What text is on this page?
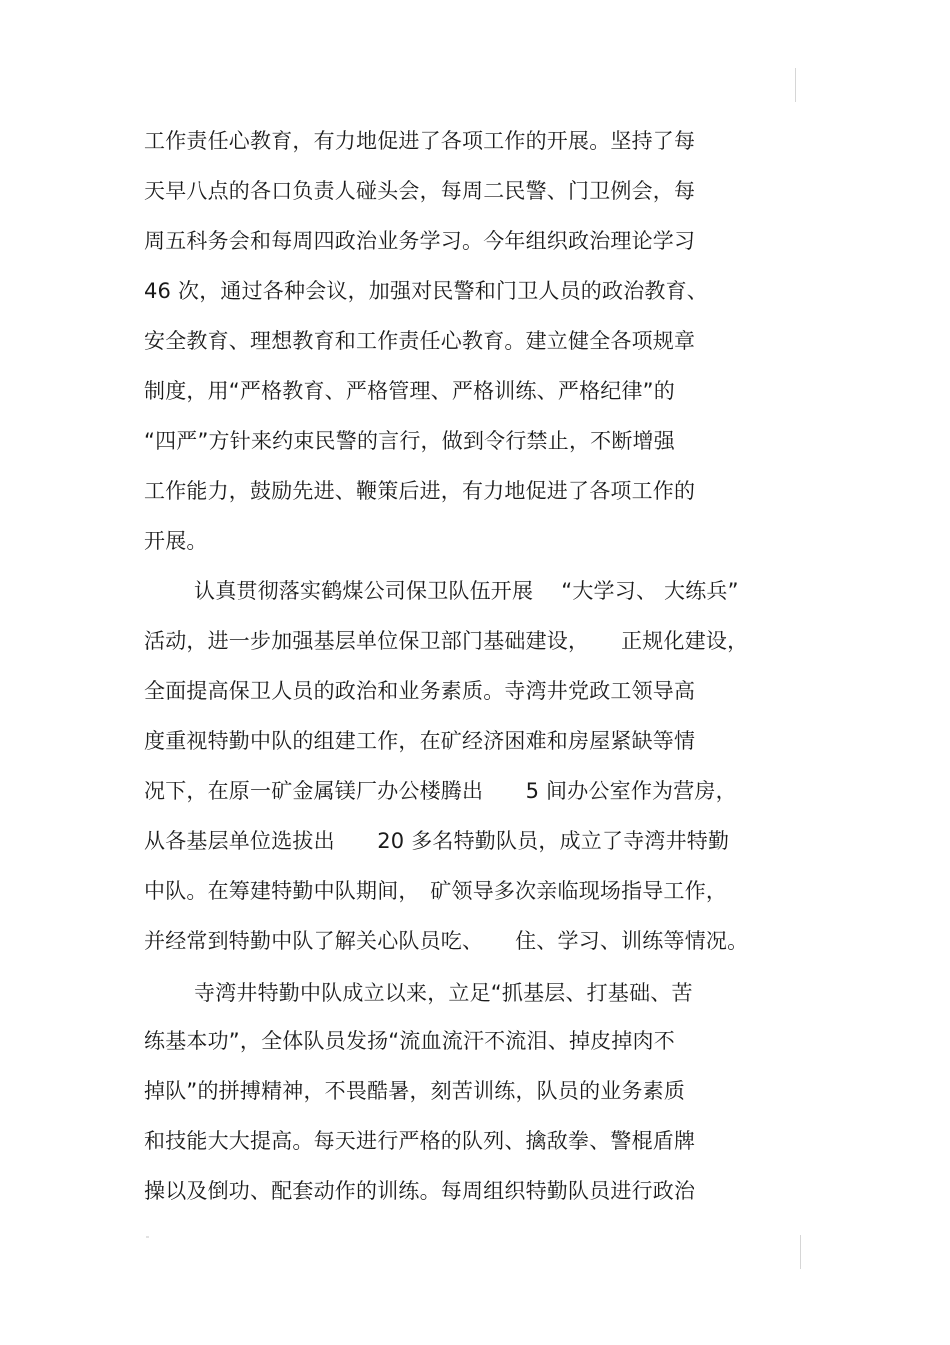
工作责任心教育，有力地促进了各项工作的开展。坚持了每
天早八点的各口负责人碰头会，每周二民警、门卫例会，每
周五科务会和每周四政治业务学习。今年组织政治理论学习
46 次，通过各种会议，加强对民警和门卫人员的政治教育、
安全教育、理想教育和工作责任心教育。建立健全各项规章
制度，用“严格教育、严格管理、严格训练、严格纪律”的
“四严”方针来约束民警的言行，做到令行禁止，不断增强
工作能力，鼓励先进、鞭策后进，有力地促进了各项工作的
开展。
认真贯彻落实鹤煤公司保卫队伍开展　 “大学习、 大练兵”
活动，进一步加强基层单位保卫部门基础建设，　　正规化建设，
全面提高保卫人员的政治和业务素质。寺湾井党政工领导高
度重视特勤中队的组建工作，在矿经济困难和房屋紧缺等情
况下，在原一矿金属镁厂办公楼腾出　　5 间办公室作为营房，
从各基层单位选拔出　　20 多名特勤队员，成立了寺湾井特勤
中队。在筹建特勤中队期间，　矿领导多次亲临现场指导工作，
并经常到特勤中队了解关心队员吃、　　住、学习、训练等情况。
寺湾井特勤中队成立以来，立足“抓基层、打基础、苦
练基本功”，全体队员发扬“流血流汗不流泪、掉皮掉肉不
掉队”的拼搏精神，不畏酷暑，刻苦训练，队员的业务素质
和技能大大提高。每天进行严格的队列、擒敌拳、警棍盾牌
操以及倒功、配套动作的训练。每周组织特勤队员进行政治
